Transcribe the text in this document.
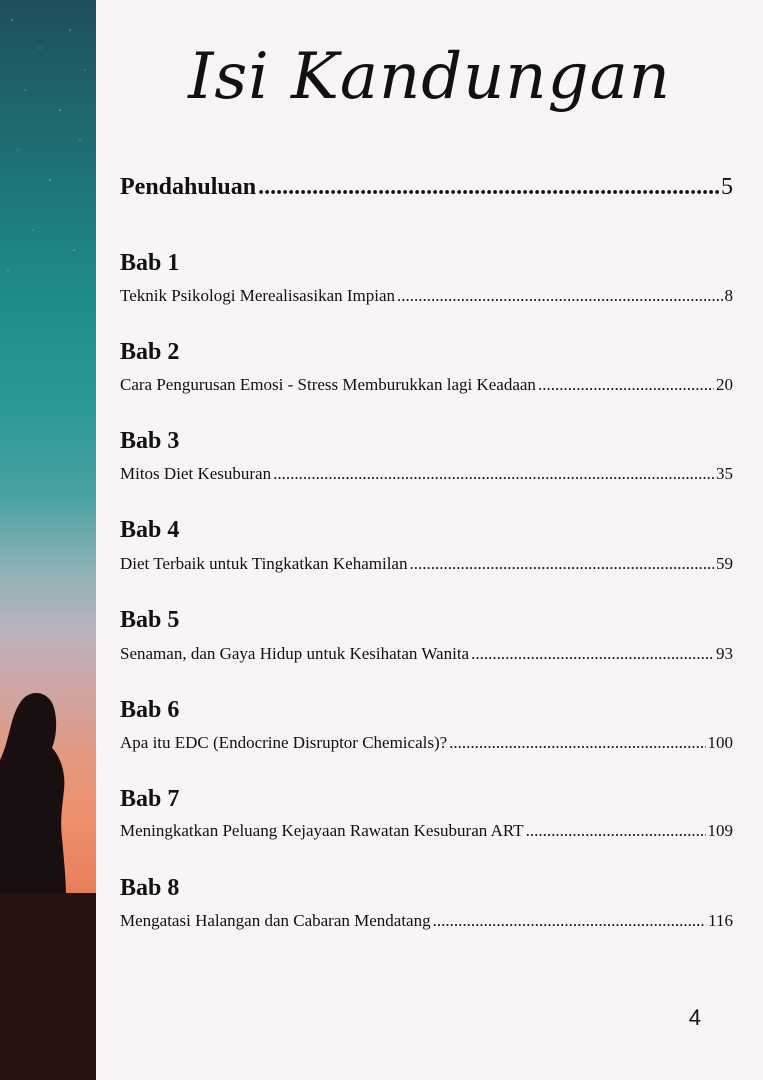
Isi Kandungan
Pendahuluan .....	5
Bab 1
Teknik Psikologi Merealisasikan Impian .....	8
Bab 2
Cara Pengurusan Emosi - Stress Memburukkan lagi Keadaan .....	20
Bab 3
Mitos Diet Kesuburan .....	35
Bab 4
Diet Terbaik untuk Tingkatkan Kehamilan .....	59
Bab 5
Senaman, dan Gaya Hidup untuk Kesihatan Wanita .....	93
Bab 6
Apa itu EDC (Endocrine Disruptor Chemicals)? .....	100
Bab 7
Meningkatkan Peluang Kejayaan Rawatan Kesuburan ART .....	109
Bab 8
Mengatasi Halangan dan Cabaran Mendatang .....	116
4
